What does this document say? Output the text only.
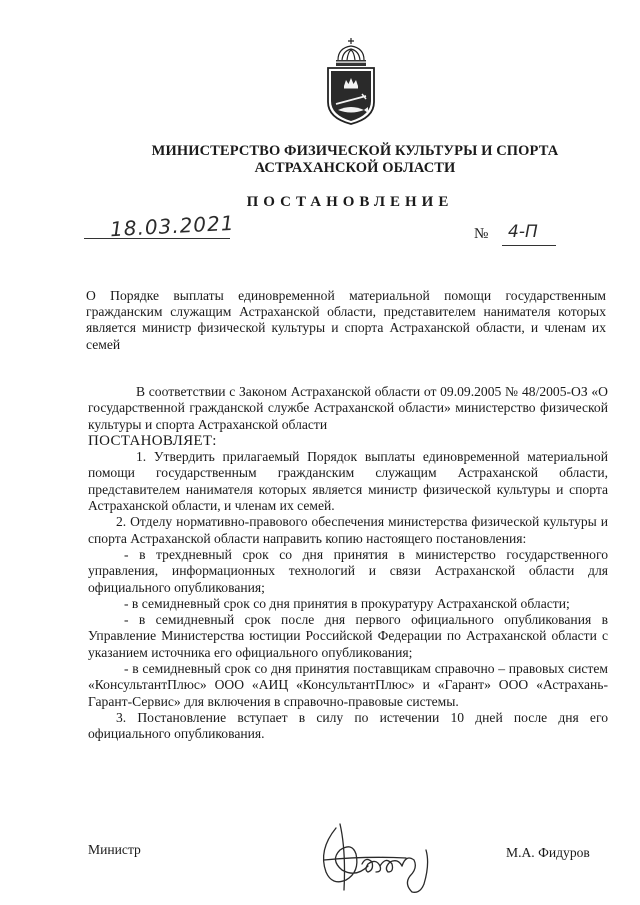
МИНИСТЕРСТВО ФИЗИЧЕСКОЙ КУЛЬТУРЫ И СПОРТА
АСТРАХАНСКОЙ ОБЛАСТИ
ПОСТАНОВЛЕНИЕ
18.03.2021	№ 4-П
О Порядке выплаты единовременной материальной помощи государственным гражданским служащим Астраханской области, представителем нанимателя которых является министр физической культуры и спорта Астраханской области, и членам их семей

В соответствии с Законом Астраханской области от 09.09.2005 № 48/2005-ОЗ «О государственной гражданской службе Астраханской области» министерство физической культуры и спорта Астраханской области

ПОСТАНОВЛЯЕТ:

1. Утвердить прилагаемый Порядок выплаты единовременной материальной помощи государственным гражданским служащим Астраханской области, представителем нанимателя которых является министр физической культуры и спорта Астраханской области, и членам их семей.

2. Отделу нормативно-правового обеспечения министерства физической культуры и спорта Астраханской области направить копию настоящего постановления:

- в трехдневный срок со дня принятия в министерство государственного управления, информационных технологий и связи Астраханской области для официального опубликования;

- в семидневный срок со дня принятия в прокуратуру Астраханской области;

- в семидневный срок после дня первого официального опубликования в Управление Министерства юстиции Российской Федерации по Астраханской области с указанием источника его официального опубликования;

- в семидневный срок со дня принятия поставщикам справочно – правовых систем «КонсультантПлюс» ООО «АИЦ «КонсультантПлюс» и «Гарант» ООО «Астрахань-Гарант-Сервис» для включения в справочно-правовые системы.

3. Постановление вступает в силу по истечении 10 дней после дня его официального опубликования.

Министр	М.А. Фидуров
